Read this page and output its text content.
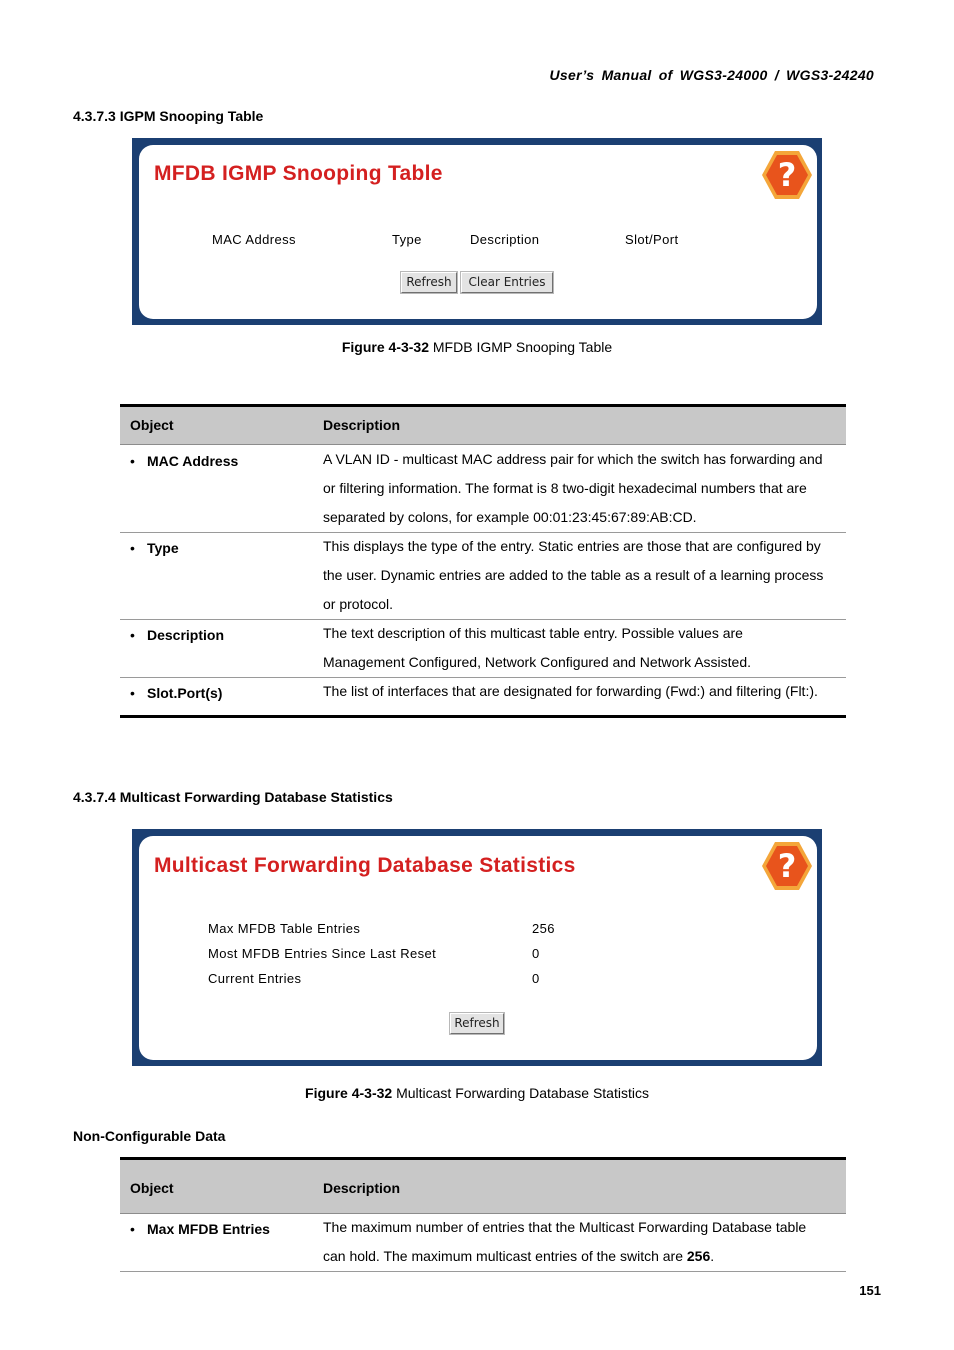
User’s Manual of WGS3-24000 / WGS3-24240
4.3.7.3 IGPM Snooping Table
MFDB IGMP Snooping Table	?
MAC Address	Type	Description	Slot/Port
Refresh	Clear Entries
Figure 4-3-32 MFDB IGMP Snooping Table
Object	Description
• MAC Address	A VLAN ID - multicast MAC address pair for which the switch has forwarding and
or filtering information. The format is 8 two-digit hexadecimal numbers that are
separated by colons, for example 00:01:23:45:67:89:AB:CD.
• Type	This displays the type of the entry. Static entries are those that are configured by
the user. Dynamic entries are added to the table as a result of a learning process
or protocol.
• Description	The text description of this multicast table entry. Possible values are
Management Configured, Network Configured and Network Assisted.
• Slot.Port(s)	The list of interfaces that are designated for forwarding (Fwd:) and filtering (Flt:).
4.3.7.4 Multicast Forwarding Database Statistics
Multicast Forwarding Database Statistics	?
Max MFDB Table Entries	256
Most MFDB Entries Since Last Reset	0
Current Entries	0
Refresh
Figure 4-3-32 Multicast Forwarding Database Statistics
Non-Configurable Data
Object	Description
• Max MFDB Entries	The maximum number of entries that the Multicast Forwarding Database table
can hold. The maximum multicast entries of the switch are 256.
151
